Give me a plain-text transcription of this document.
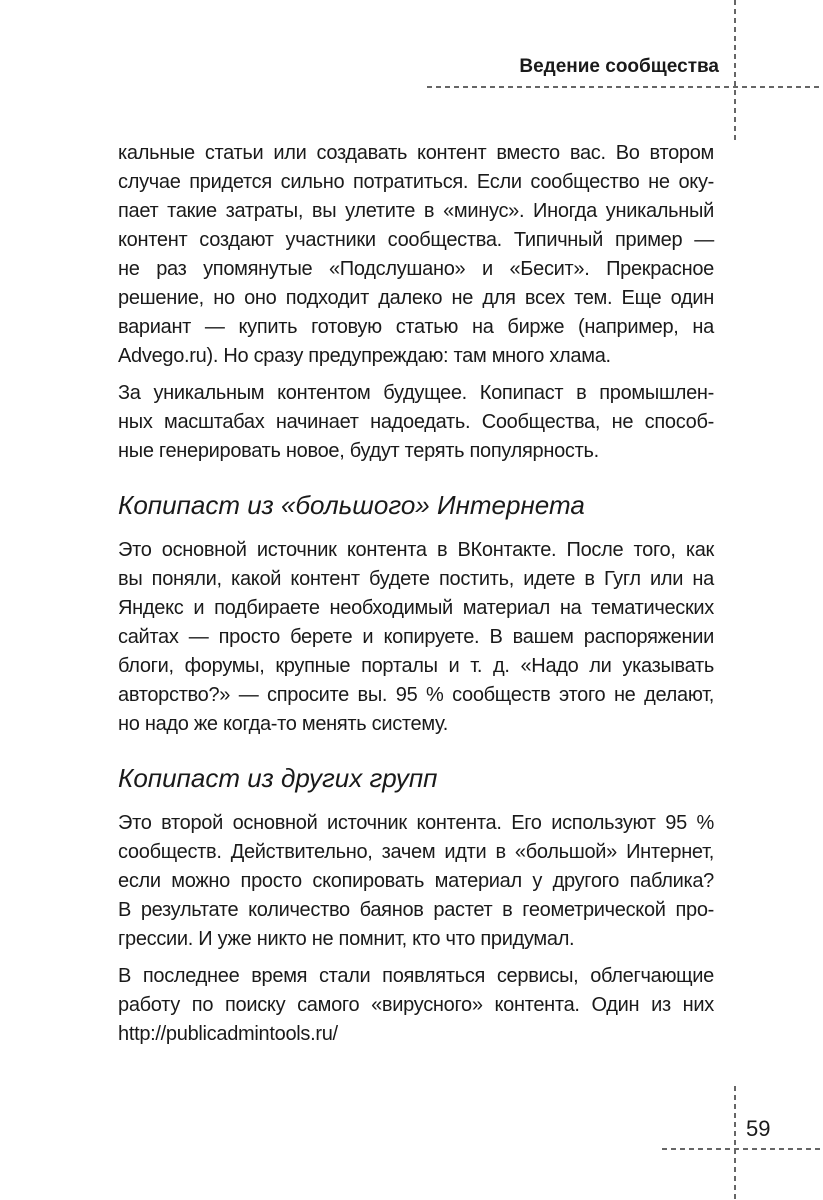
Ведение сообщества
кальные статьи или создавать контент вместо вас. Во втором
случае придется сильно потратиться. Если сообщество не оку-
пает такие затраты, вы улетите в «минус». Иногда уникальный
контент создают участники сообщества. Типичный пример —
не раз упомянутые «Подслушано» и «Бесит». Прекрасное
решение, но оно подходит далеко не для всех тем. Еще один
вариант — купить готовую статью на бирже (например, на
Advego.ru). Но сразу предупреждаю: там много хлама.
За уникальным контентом будущее. Копипаст в промышлен-
ных масштабах начинает надоедать. Сообщества, не способ-
ные генерировать новое, будут терять популярность.
Копипаст из «большого» Интернета
Это основной источник контента в ВКонтакте. После того, как
вы поняли, какой контент будете постить, идете в Гугл или на
Яндекс и подбираете необходимый материал на тематических
сайтах — просто берете и копируете. В вашем распоряжении
блоги, форумы, крупные порталы и т. д. «Надо ли указывать
авторство?» — спросите вы. 95 % сообществ этого не делают,
но надо же когда-то менять систему.
Копипаст из других групп
Это второй основной источник контента. Его используют 95 %
сообществ. Действительно, зачем идти в «большой» Интернет,
если можно просто скопировать материал у другого паблика?
В результате количество баянов растет в геометрической про-
грессии. И уже никто не помнит, кто что придумал.
В последнее время стали появляться сервисы, облегчающие
работу по поиску самого «вирусного» контента. Один из них
http://publicadmintools.ru/
59
